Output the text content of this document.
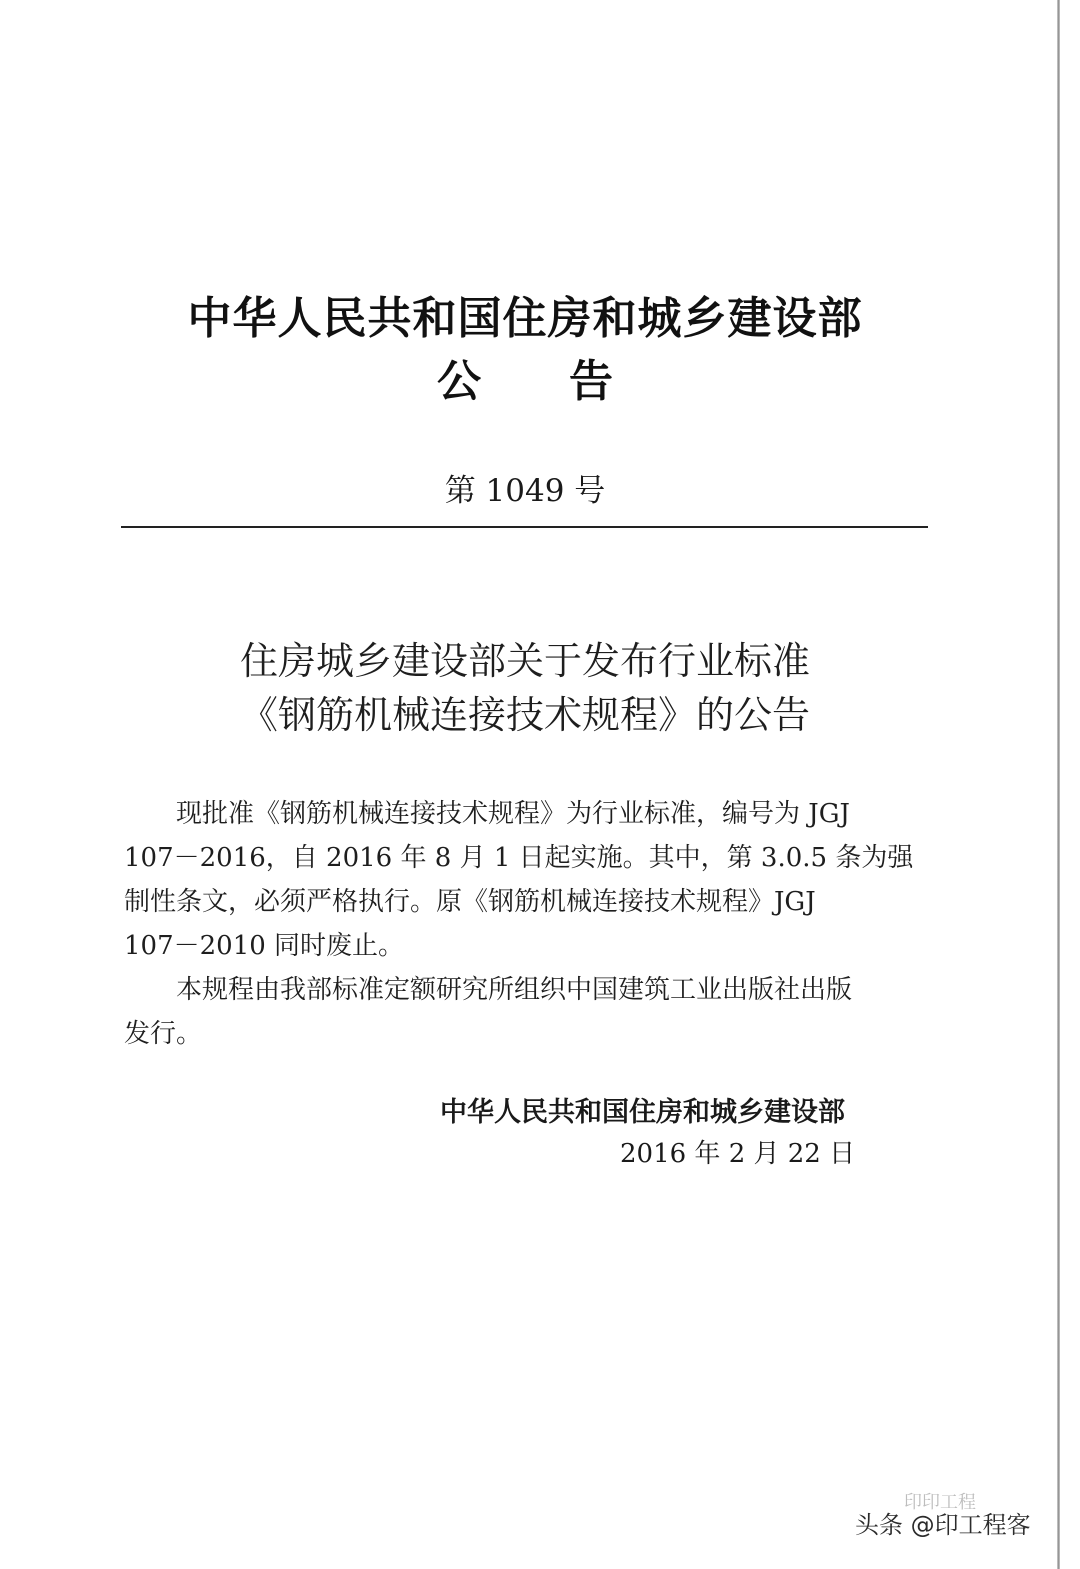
中华人民共和国住房和城乡建设部
公告
第 1049 号
住房城乡建设部关于发布行业标准
《钢筋机械连接技术规程》的公告
现批准《钢筋机械连接技术规程》为行业标准，编号为 JGJ
107－2016，自 2016 年 8 月 1 日起实施。其中，第 3.0.5 条为强
制性条文，必须严格执行。原《钢筋机械连接技术规程》JGJ
107－2010 同时废止。
本规程由我部标准定额研究所组织中国建筑工业出版社出版
发行。
中华人民共和国住房和城乡建设部
2016 年 2 月 22 日
印印工程
头条 @印工程客
